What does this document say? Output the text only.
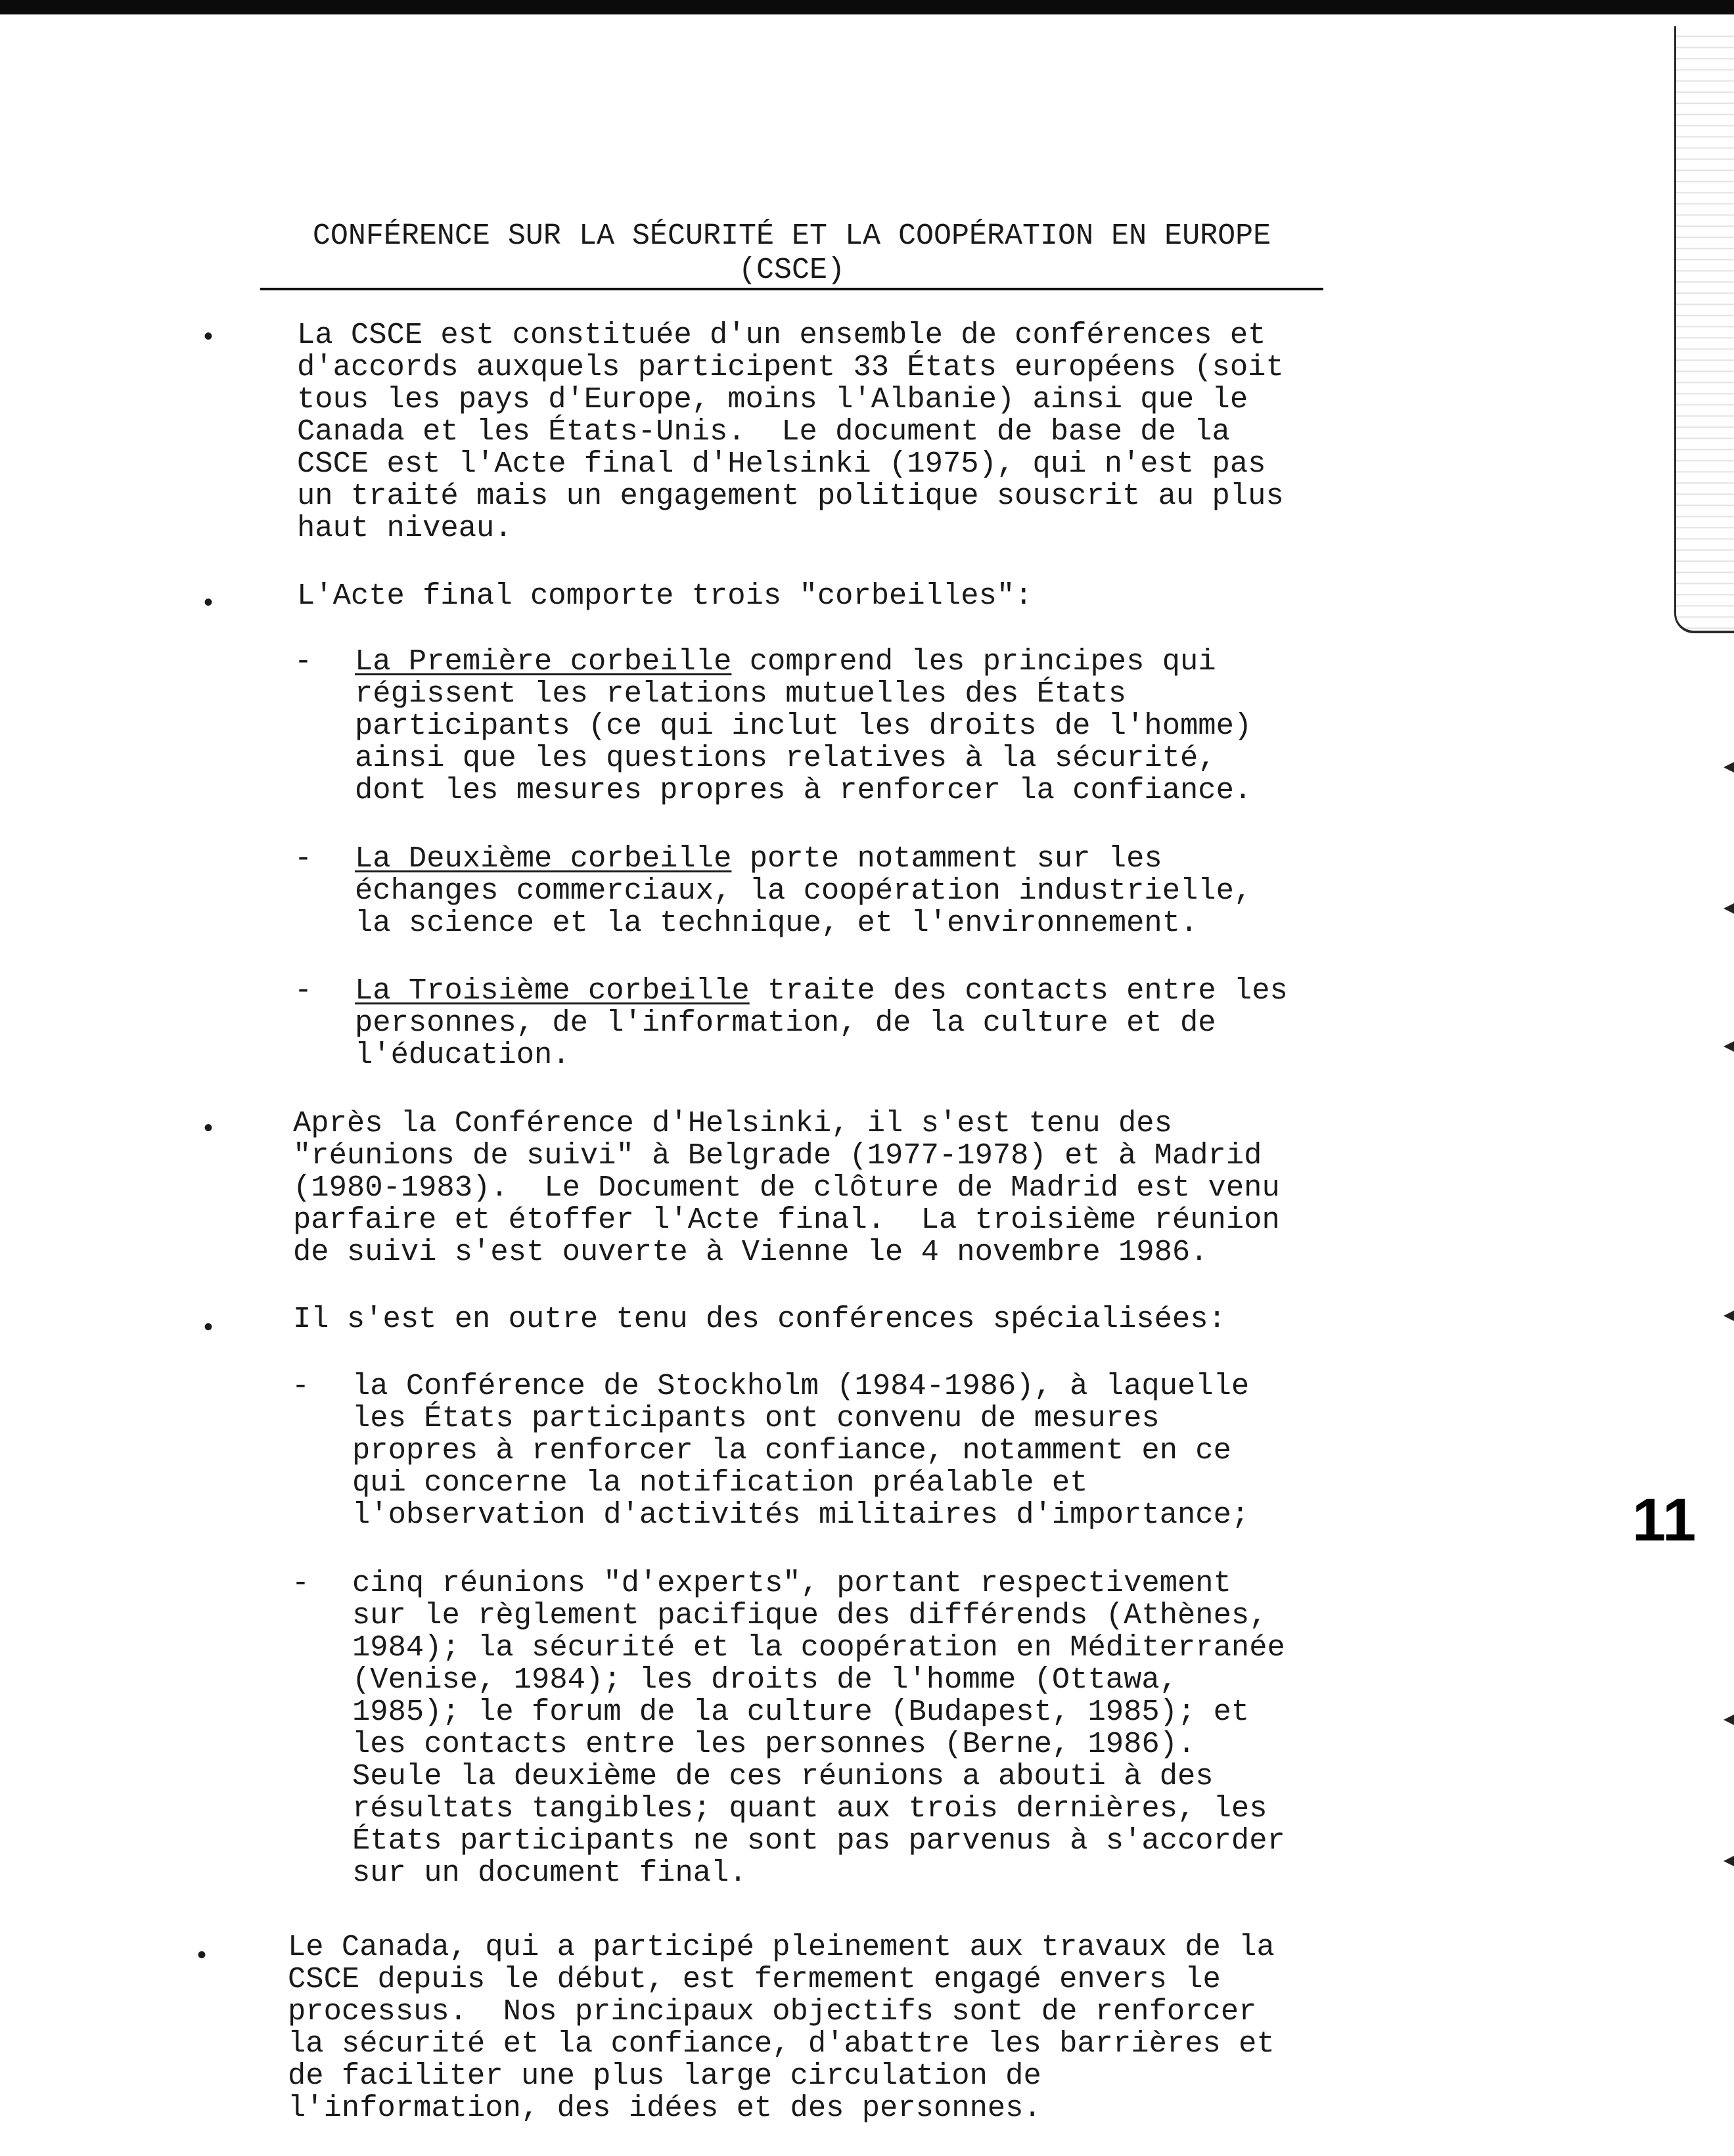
CONFÉRENCE SUR LA SÉCURITÉ ET LA COOPÉRATION EN EUROPE
(CSCE)
•	La CSCE est constituée d'un ensemble de conférences et
d'accords auxquels participent 33 États européens (soit
tous les pays d'Europe, moins l'Albanie) ainsi que le
Canada et les États-Unis.  Le document de base de la
CSCE est l'Acte final d'Helsinki (1975), qui n'est pas
un traité mais un engagement politique souscrit au plus
haut niveau.

•	L'Acte final comporte trois "corbeilles":

- La Première corbeille comprend les principes qui
régissent les relations mutuelles des États
participants (ce qui inclut les droits de l'homme)
ainsi que les questions relatives à la sécurité,
dont les mesures propres à renforcer la confiance.

- La Deuxième corbeille porte notamment sur les
échanges commerciaux, la coopération industrielle,
la science et la technique, et l'environnement.

- La Troisième corbeille traite des contacts entre les
personnes, de l'information, de la culture et de
l'éducation.

•	Après la Conférence d'Helsinki, il s'est tenu des
"réunions de suivi" à Belgrade (1977-1978) et à Madrid
(1980-1983).  Le Document de clôture de Madrid est venu
parfaire et étoffer l'Acte final.  La troisième réunion
de suivi s'est ouverte à Vienne le 4 novembre 1986.

•	Il s'est en outre tenu des conférences spécialisées:

- la Conférence de Stockholm (1984-1986), à laquelle
les États participants ont convenu de mesures
propres à renforcer la confiance, notamment en ce
qui concerne la notification préalable et
l'observation d'activités militaires d'importance;

- cinq réunions "d'experts", portant respectivement
sur le règlement pacifique des différends (Athènes,
1984); la sécurité et la coopération en Méditerranée
(Venise, 1984); les droits de l'homme (Ottawa,
1985); le forum de la culture (Budapest, 1985); et
les contacts entre les personnes (Berne, 1986).
Seule la deuxième de ces réunions a abouti à des
résultats tangibles; quant aux trois dernières, les
États participants ne sont pas parvenus à s'accorder
sur un document final.

•	Le Canada, qui a participé pleinement aux travaux de la
CSCE depuis le début, est fermement engagé envers le
processus.  Nos principaux objectifs sont de renforcer
la sécurité et la confiance, d'abattre les barrières et
de faciliter une plus large circulation de
l'information, des idées et des personnes.

11
